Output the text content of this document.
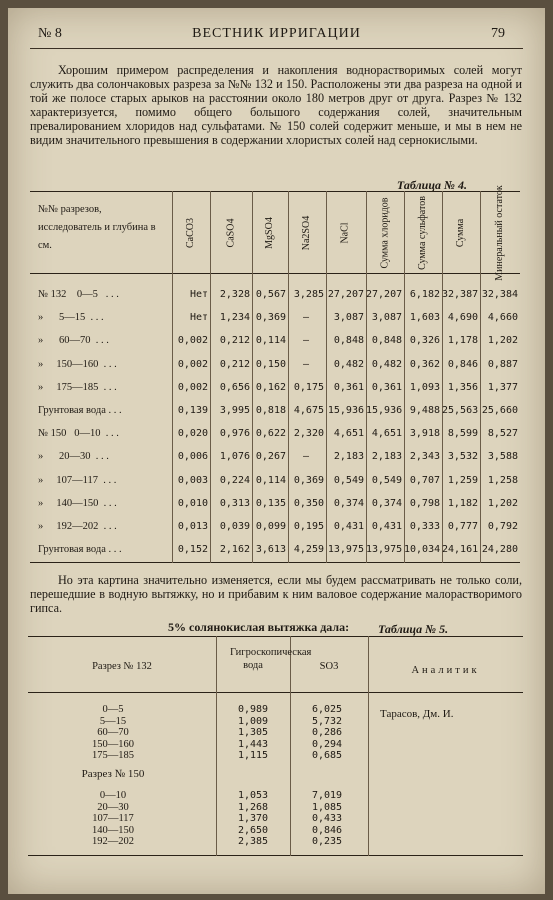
№ 8	ВЕСТНИК ИРРИГАЦИИ	79

Хорошим примером распределения и накопления воднорастворимых солей могут служить два солончаковых разреза за №№ 132 и 150. Расположены эти два разреза на одной и той же полосе старых арыков на расстоянии около 180 метров друг от друга. Разрез № 132 характеризуется, помимо общего большого содержания солей, значительным превалированием хлоридов над сульфатами. № 150 солей содержит меньше, и мы в нем не видим значительного превышения в содержании хлористых солей над сернокислыми.

Таблица № 4.
№№ разрезов, исследователь и глубина в см.	CaCO3	CaSO4	MgSO4	Na2SO4	NaCl	Сумма хлоридов	Сумма сульфатов	Сумма	Минеральный остаток
№ 132    0—5   . . .	Нет	2,328 0,567 3,285 27,207 27,207 6,182 32,387 32,384
»      5—15  . . .	Нет	1,234 0,369	—	3,087 3,087 1,603 4,690 4,660
»      60—70  . . .	0,002	0,212 0,114	—	0,848 0,848 0,326 1,178 1,202
»     150—160  . . .	0,002	0,212 0,150	—	0,482 0,482 0,362 0,846 0,887
»     175—185  . . .	0,002	0,656 0,162 0,175 0,361 0,361 1,093 1,356 1,377
Грунтовая вода . . .	0,139	3,995 0,818 4,675 15,936 15,936 9,488 25,563 25,660
№ 150   0—10  . . .	0,020	0,976 0,622 2,320 4,651 4,651 3,918 8,599 8,527
»      20—30  . . .	0,006	1,076 0,267	—	2,183 2,183 2,343 3,532 3,588
»     107—117  . . .	0,003	0,224 0,114 0,369 0,549 0,549 0,707 1,259 1,258
»     140—150  . . .	0,010	0,313 0,135 0,350 0,374 0,374 0,798 1,182 1,202
»     192—202  . . .	0,013	0,039 0,099 0,195 0,431 0,431 0,333 0,777 0,792
Грунтовая вода . . .	0,152	2,162 3,613 4,259 13,975 13,975 10,034 24,161 24,280

Но эта картина значительно изменяется, если мы будем рассматривать не только соли, перешедшие в водную вытяжку, но и прибавим к ним валовое содержание малорастворимого гипса.

5% солянокислая вытяжка дала: Таблица № 5.
Разрез № 132
Гигроскопическая вода	SO3	Аналитик
0—5	0,989	6,025
5—15	1,009	5,732
60—70	1,305	0,286
150—160	1,443	0,294
175—185	1,115	0,685
Разрез № 150
0—10	1,053	7,019
20—30	1,268	1,085
107—117	1,370	0,433
140—150	2,650	0,846
192—202	2,385	0,235
Тарасов, Дм. И.
